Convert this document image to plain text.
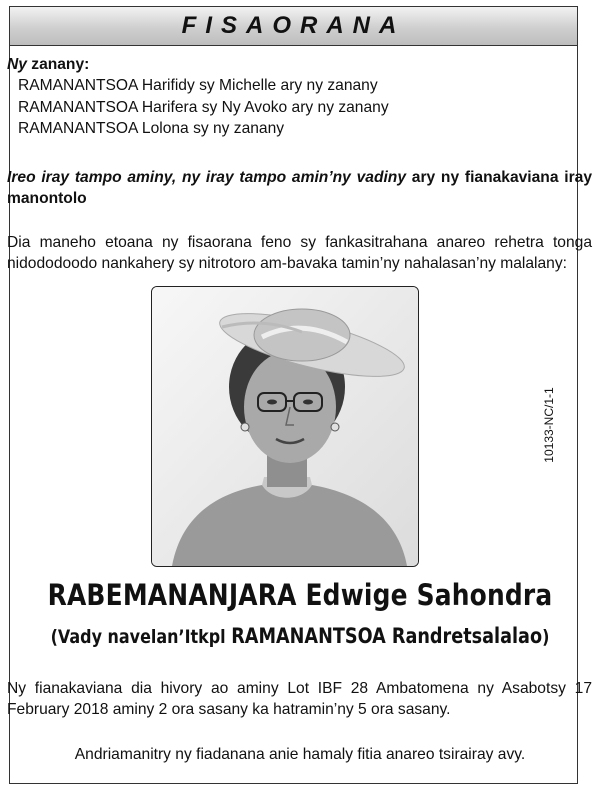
FISAORANA
Ny zanany:
RAMANANTSOA Harifidy sy Michelle ary ny zanany
RAMANANTSOA Harifera sy Ny Avoko ary ny zanany
RAMANANTSOA Lolona sy ny zanany
Ireo iray tampo aminy, ny iray tampo amin’ny vadiny ary ny fianakaviana iray manontolo
Dia maneho etoana ny fisaorana feno sy fankasitrahana anareo rehetra tonga nidododoodo nankahery sy nitrotoro am-bavaka tamin’ny nahalasan’ny malalany:
10133-NC/1-1
RABEMANANJARA Edwige Sahondra
(Vady navelan’Itkpl RAMANANTSOA Randretsalalao)
Ny fianakaviana dia hivory ao aminy Lot IBF 28 Ambatomena ny Asabotsy 17 February 2018 aminy 2 ora sasany ka hatramin’ny 5 ora sasany.
Andriamanitry ny fiadanana anie hamaly fitia anareo tsirairay avy.
